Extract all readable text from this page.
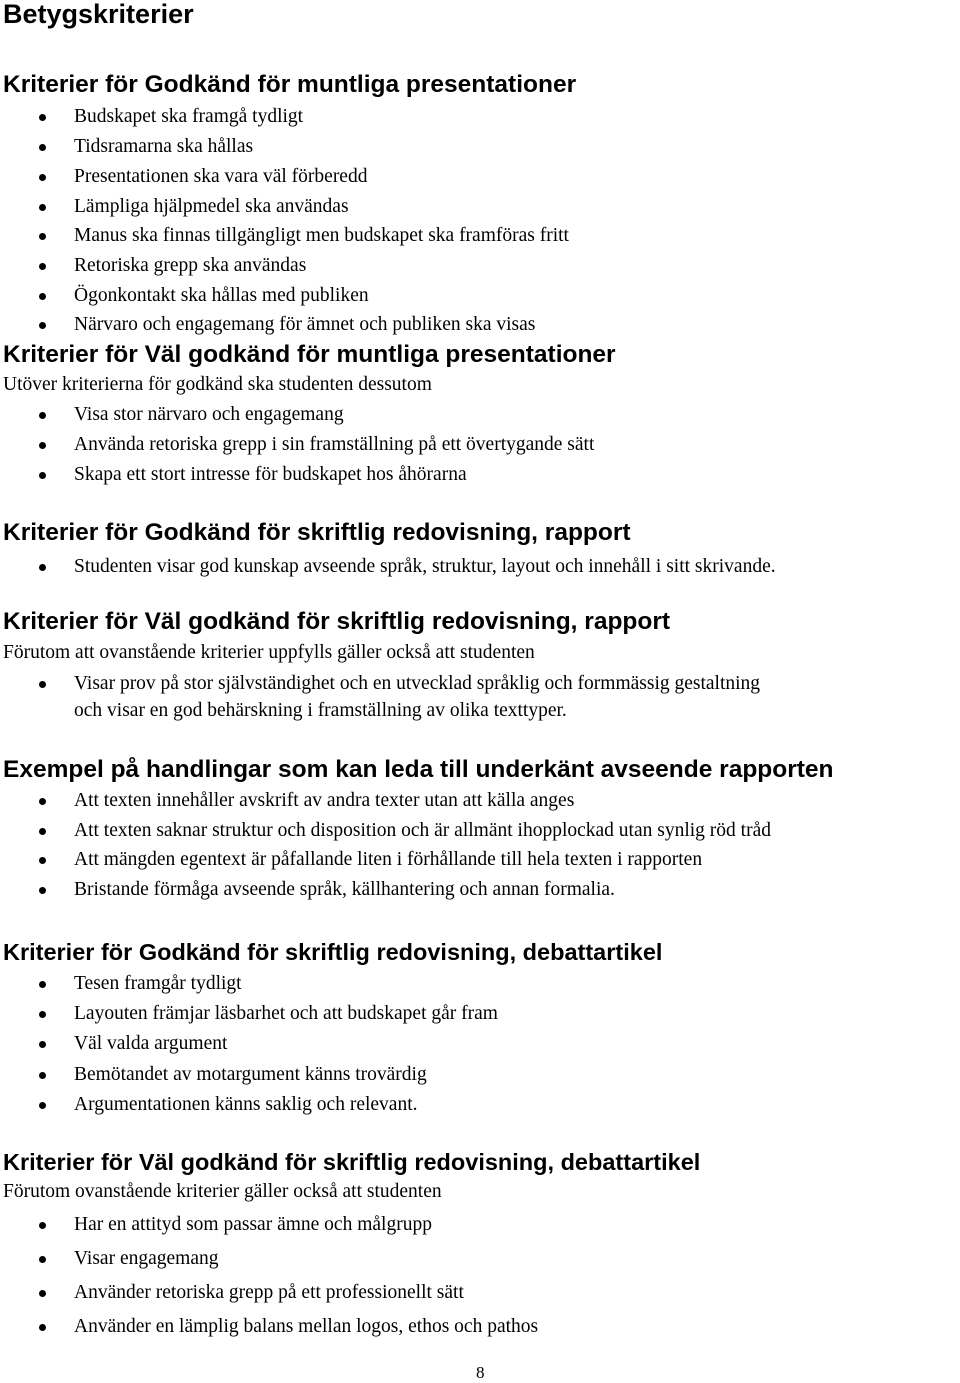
Betygskriterier
Kriterier för Godkänd för muntliga presentationer
Budskapet ska framgå tydligt
Tidsramarna ska hållas
Presentationen ska vara väl förberedd
Lämpliga hjälpmedel ska användas
Manus ska finnas tillgängligt men budskapet ska framföras fritt
Retoriska grepp ska användas
Ögonkontakt ska hållas med publiken
Närvaro och engagemang för ämnet och publiken ska visas
Kriterier för Väl godkänd för muntliga presentationer

Utöver kriterierna för godkänd ska studenten dessutom

Visa stor närvaro och engagemang
Använda retoriska grepp i sin framställning på ett övertygande sätt
Skapa ett stort intresse för budskapet hos åhörarna
Kriterier för Godkänd för skriftlig redovisning, rapport
Studenten visar god kunskap avseende språk, struktur, layout och innehåll i sitt skrivande.
Kriterier för Väl godkänd för skriftlig redovisning, rapport

Förutom att ovanstående kriterier uppfylls gäller också att studenten

Visar prov på stor självständighet och en utvecklad språklig och formmässig gestaltning
och visar en god behärskning i framställning av olika texttyper.
Exempel på handlingar som kan leda till underkänt avseende rapporten
Att texten innehåller avskrift av andra texter utan att källa anges
Att texten saknar struktur och disposition och är allmänt ihopplockad utan synlig röd tråd
Att mängden egentext är påfallande liten i förhållande till hela texten i rapporten
Bristande förmåga avseende språk, källhantering och annan formalia.
Kriterier för Godkänd för skriftlig redovisning, debattartikel
Tesen framgår tydligt
Layouten främjar läsbarhet och att budskapet går fram
Väl valda argument
Bemötandet av motargument känns trovärdig
Argumentationen känns saklig och relevant.
Kriterier för Väl godkänd för skriftlig redovisning, debattartikel

Förutom ovanstående kriterier gäller också att studenten

Har en attityd som passar ämne och målgrupp
Visar engagemang
Använder retoriska grepp på ett professionellt sätt
Använder en lämplig balans mellan logos, ethos och pathos

8
